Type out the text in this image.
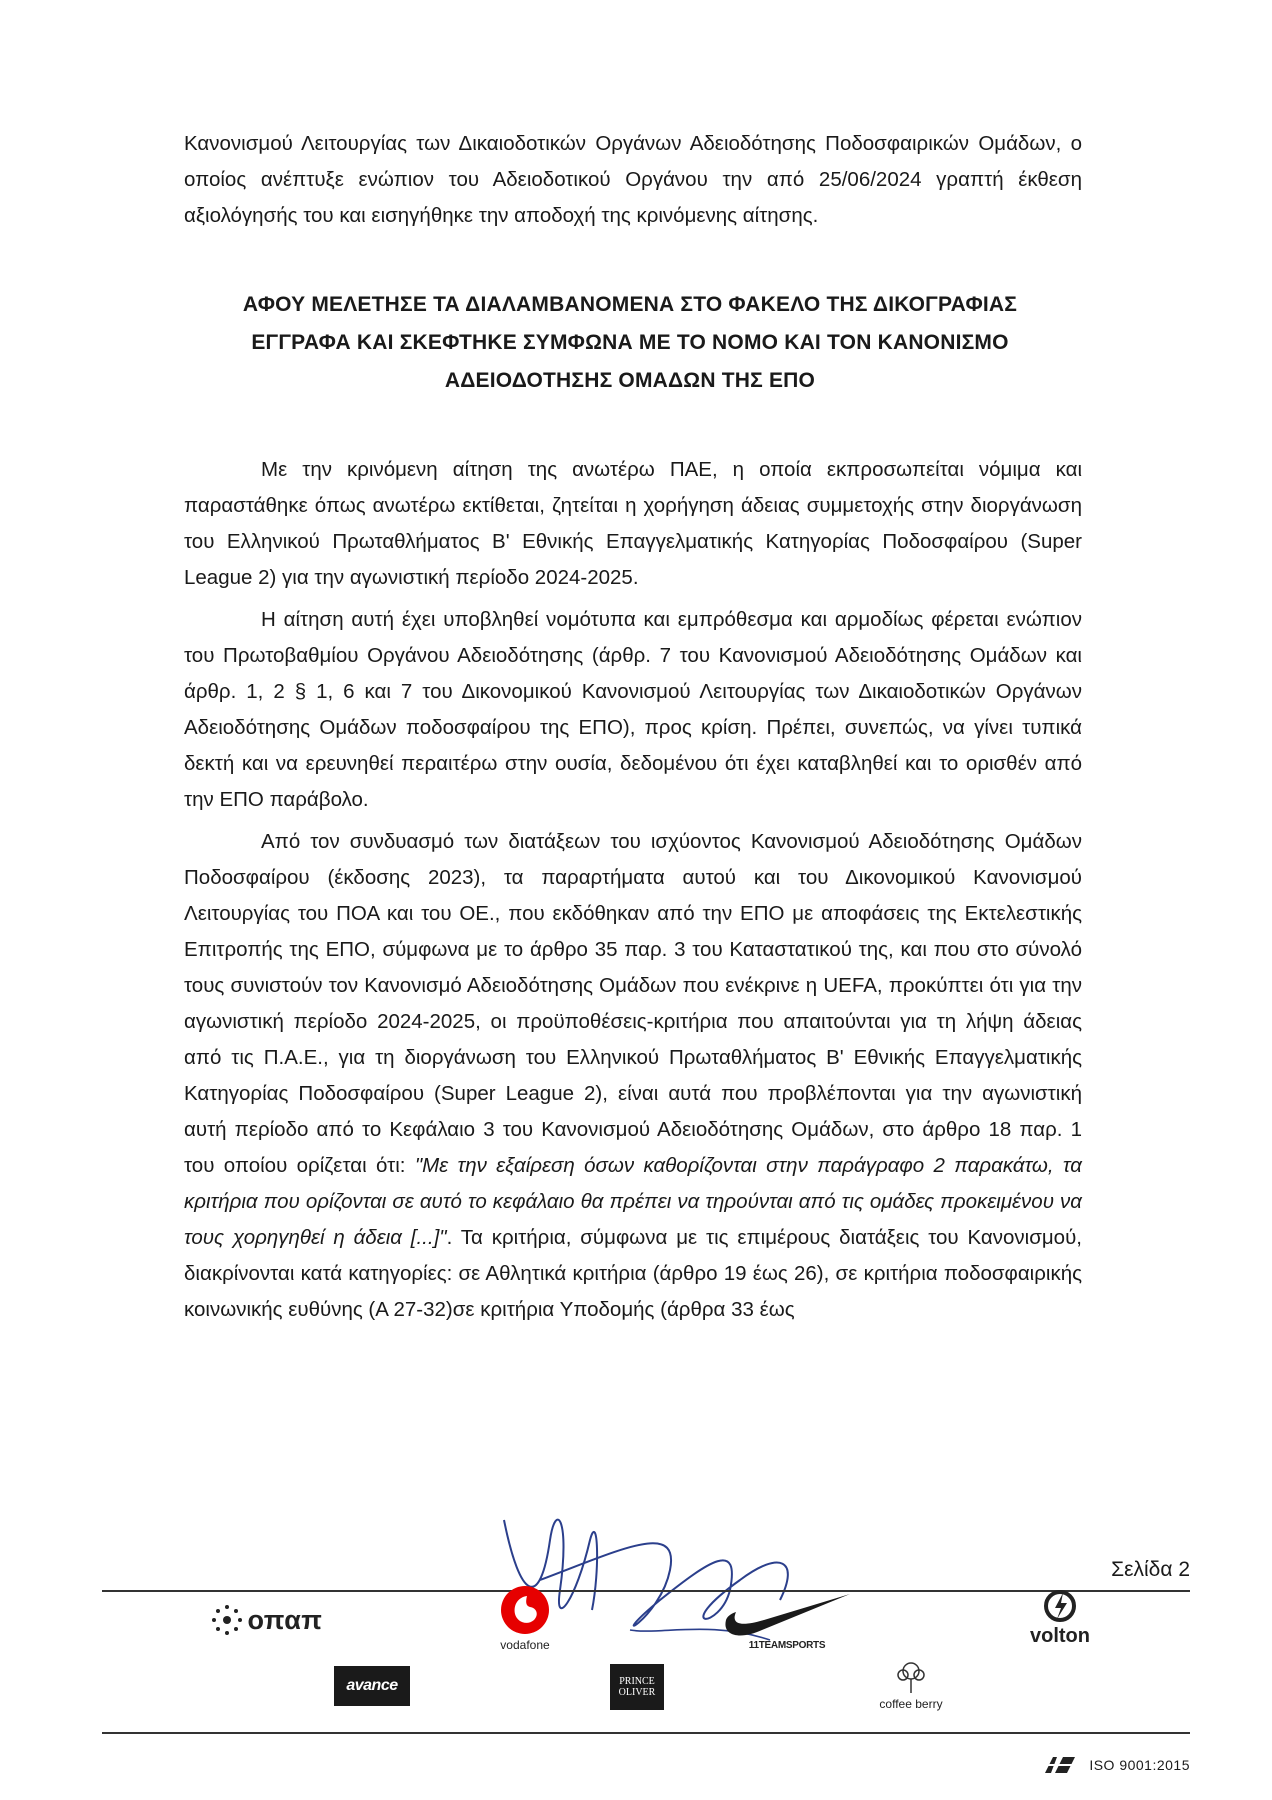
Κανονισμού Λειτουργίας των Δικαιοδοτικών Οργάνων Αδειοδότησης Ποδοσφαιρικών Ομάδων, ο οποίος ανέπτυξε ενώπιον του Αδειοδοτικού Οργάνου την από 25/06/2024 γραπτή έκθεση αξιολόγησής του και εισηγήθηκε την αποδοχή της κρινόμενης αίτησης.

ΑΦΟΥ ΜΕΛΕΤΗΣΕ ΤΑ ΔΙΑΛΑΜΒΑΝΟΜΕΝΑ ΣΤΟ ΦΑΚΕΛΟ ΤΗΣ ΔΙΚΟΓΡΑΦΙΑΣ
ΕΓΓΡΑΦΑ ΚΑΙ ΣΚΕΦΤΗΚΕ ΣΥΜΦΩΝΑ ΜΕ ΤΟ ΝΟΜΟ ΚΑΙ ΤΟΝ ΚΑΝΟΝΙΣΜΟ
ΑΔΕΙΟΔΟΤΗΣΗΣ ΟΜΑΔΩΝ ΤΗΣ ΕΠΟ

Με την κρινόμενη αίτηση της ανωτέρω ΠΑΕ, η οποία εκπροσωπείται νόμιμα και παραστάθηκε όπως ανωτέρω εκτίθεται, ζητείται η χορήγηση άδειας συμμετοχής στην διοργάνωση του Ελληνικού Πρωταθλήματος Β' Εθνικής Επαγγελματικής Κατηγορίας Ποδοσφαίρου (Super League 2) για την αγωνιστική περίοδο 2024-2025.

Η αίτηση αυτή έχει υποβληθεί νομότυπα και εμπρόθεσμα και αρμοδίως φέρεται ενώπιον του Πρωτοβαθμίου Οργάνου Αδειοδότησης (άρθρ. 7 του Κανονισμού Αδειοδότησης Ομάδων και άρθρ. 1, 2 § 1, 6 και 7 του Δικονομικού Κανονισμού Λειτουργίας των Δικαιοδοτικών Οργάνων Αδειοδότησης Ομάδων ποδοσφαίρου της ΕΠΟ), προς κρίση. Πρέπει, συνεπώς, να γίνει τυπικά δεκτή και να ερευνηθεί περαιτέρω στην ουσία, δεδομένου ότι έχει καταβληθεί και το ορισθέν από την ΕΠΟ παράβολο.

Από τον συνδυασμό των διατάξεων του ισχύοντος Κανονισμού Αδειοδότησης Ομάδων Ποδοσφαίρου (έκδοσης 2023), τα παραρτήματα αυτού και του Δικονομικού Κανονισμού Λειτουργίας του ΠΟΑ και του ΟΕ., που εκδόθηκαν από την ΕΠΟ με αποφάσεις της Εκτελεστικής Επιτροπής της ΕΠΟ, σύμφωνα με το άρθρο 35 παρ. 3 του Καταστατικού της, και που στο σύνολό τους συνιστούν τον Κανονισμό Αδειοδότησης Ομάδων που ενέκρινε η UEFA, προκύπτει ότι για την αγωνιστική περίοδο 2024-2025, οι προϋποθέσεις-κριτήρια που απαιτούνται για τη λήψη άδειας από τις Π.Α.Ε., για τη διοργάνωση του Ελληνικού Πρωταθλήματος Β' Εθνικής Επαγγελματικής Κατηγορίας Ποδοσφαίρου (Super League 2), είναι αυτά που προβλέπονται για την αγωνιστική αυτή περίοδο από το Κεφάλαιο 3 του Κανονισμού Αδειοδότησης Ομάδων, στο άρθρο 18 παρ. 1 του οποίου ορίζεται ότι: "Με την εξαίρεση όσων καθορίζονται στην παράγραφο 2 παρακάτω, τα κριτήρια που ορίζονται σε αυτό το κεφάλαιο θα πρέπει να τηρούνται από τις ομάδες προκειμένου να τους χορηγηθεί η άδεια [...]". Τα κριτήρια, σύμφωνα με τις επιμέρους διατάξεις του Κανονισμού, διακρίνονται κατά κατηγορίες: σε Αθλητικά κριτήρια (άρθρο 19 έως 26), σε κριτήρια ποδοσφαιρικής κοινωνικής ευθύνης (Α 27-32)σε κριτήρια Υποδομής (άρθρα 33 έως

Σελίδα 2
οπαπ
vodafone	11TEAMSPORTS	volton
avance	PRINCE OLIVER
coffee berry
ISO 9001:2015
